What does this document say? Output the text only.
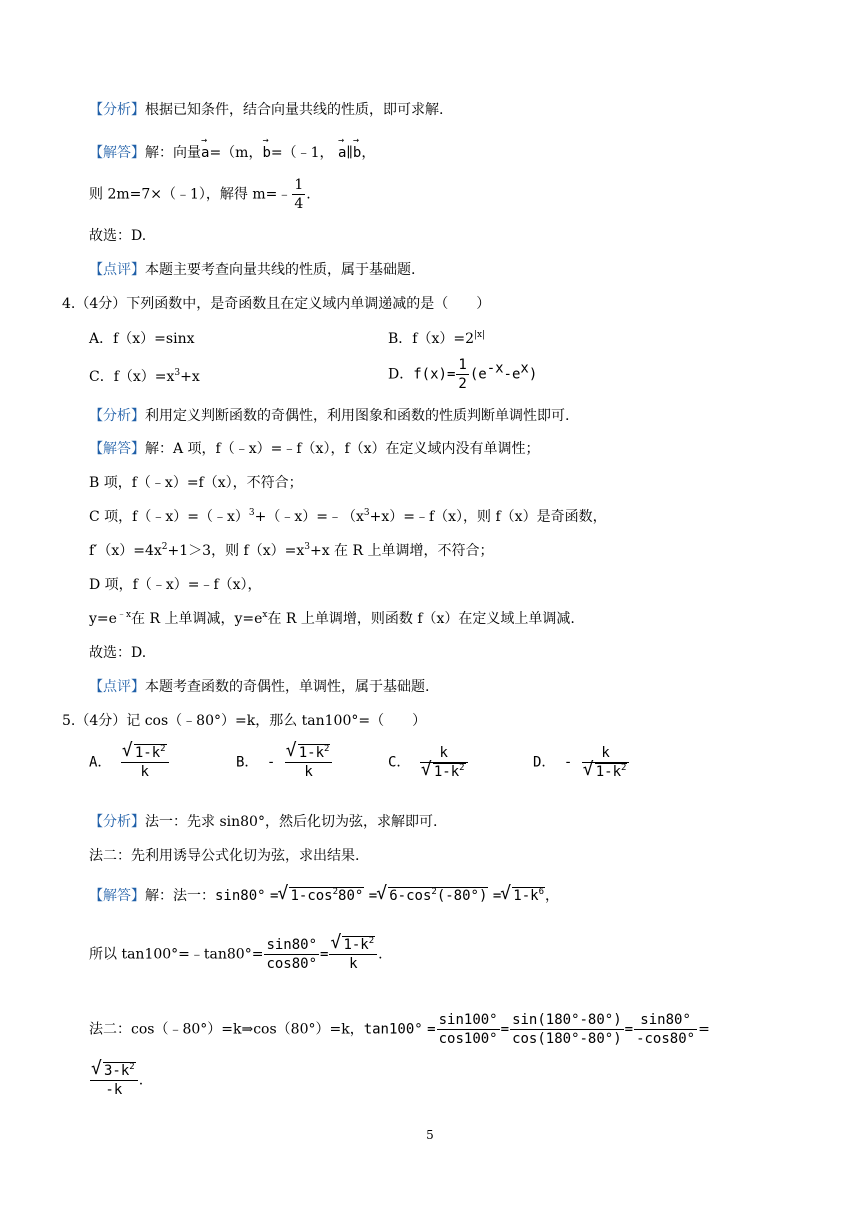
【分析】根据已知条件，结合向量共线的性质，即可求解.
【解答】解：向量a →=（m，b →=（﹣1， a →∥b →，
则 2m=7×（﹣1），解得 m=﹣ $\frac{1}{4}$ .
故选：D.
【点评】本题主要考查向量共线的性质，属于基础题.
4.（4分）下列函数中，是奇函数且在定义域内单调递减的是（　　）
A．f（x）=sinx	B．$f(x)=2^{|x|}$
C．$f(x)=x^3+x$	D．$f(x)= \frac{1}{2} (e^{-x}-e^x)$
【分析】利用定义判断函数的奇偶性，利用图象和函数的性质判断单调性即可.
【解答】解：A 项，f（﹣x）=﹣f（x），f（x）在定义域内没有单调性；
B 项，f（﹣x）=f（x），不符合；
C 项，$f(﹣x)=(﹣x)^3+(﹣x)=﹣(x^3+x)=﹣f(x)$，则 f（x）是奇函数，
$f'(x)=4x^2+1>3$，则 $f(x)=x^3+x$ 在 R 上单调增，不符合；
D 项，f（﹣x）=﹣f（x），
$y=e^{﹣x}$在 R 上单调减，$y=e^x$在 R 上单调增，则函数 f（x）在定义域上单调减.
故选：D.
【点评】本题考查函数的奇偶性，单调性，属于基础题.
5.（4分）记 cos（﹣80°）=k，那么 tan100°=（　　）
A． √ $\frac{1-k^2}{k}$	B． - √ $\frac{1-k^2}{k}$	C． k
√ $1-k^2$	D． - k
√ $1-k^2$
【分析】法一：先求 sin80°，然后化切为弦，求解即可.
法二：先利用诱导公式化切为弦，求出结果.
【解答】解：法一：sin80° = √ $1-\cos^280^\circ$ = √ $6-\cos^2(-80^\circ)$ = √ $1-k^6$，
所以 tan100°=﹣tan80°= $\frac{\sin 80^\circ}{\cos 80^\circ}$ = √ $\frac{1-k^2}{k}$ .
法二：cos（﹣80°）=k⇒cos（80°）=k，$\tan 100^\circ = \frac{\sin 100^\circ}{\cos 100^\circ} = \frac{\sin(180^\circ-80^\circ)}{\cos(180^\circ-80^\circ)} = \frac{\sin 80^\circ}{-\cos 80^\circ}$ =
√ $\frac{3-k^2}{-k}$ .
5
